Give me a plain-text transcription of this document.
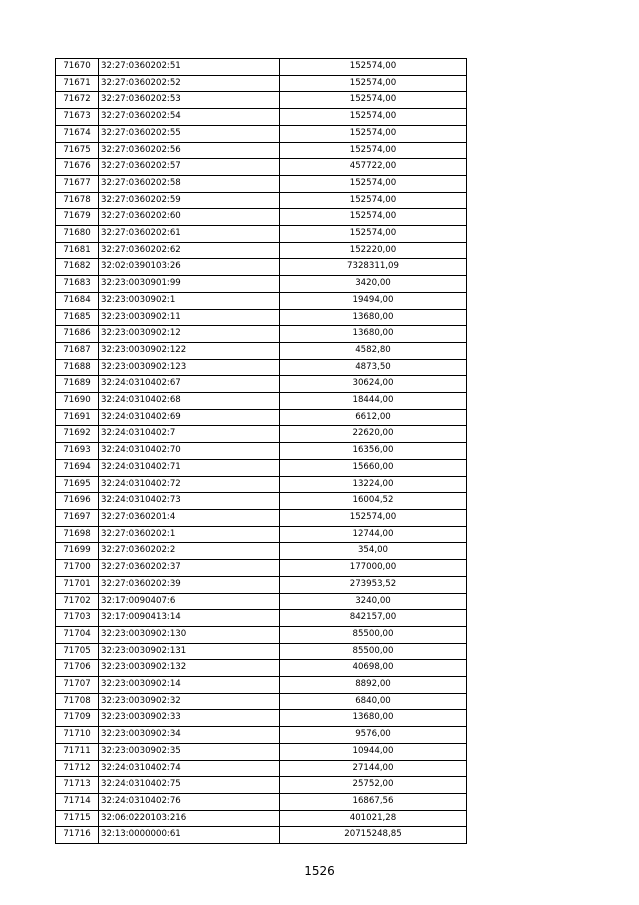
71670	32:27:0360202:51	152574,00
71671	32:27:0360202:52	152574,00
71672	32:27:0360202:53	152574,00
71673	32:27:0360202:54	152574,00
71674	32:27:0360202:55	152574,00
71675	32:27:0360202:56	152574,00
71676	32:27:0360202:57	457722,00
71677	32:27:0360202:58	152574,00
71678	32:27:0360202:59	152574,00
71679	32:27:0360202:60	152574,00
71680	32:27:0360202:61	152574,00
71681	32:27:0360202:62	152220,00
71682	32:02:0390103:26	7328311,09
71683	32:23:0030901:99	3420,00
71684	32:23:0030902:1	19494,00
71685	32:23:0030902:11	13680,00
71686	32:23:0030902:12	13680,00
71687	32:23:0030902:122	4582,80
71688	32:23:0030902:123	4873,50
71689	32:24:0310402:67	30624,00
71690	32:24:0310402:68	18444,00
71691	32:24:0310402:69	6612,00
71692	32:24:0310402:7	22620,00
71693	32:24:0310402:70	16356,00
71694	32:24:0310402:71	15660,00
71695	32:24:0310402:72	13224,00
71696	32:24:0310402:73	16004,52
71697	32:27:0360201:4	152574,00
71698	32:27:0360202:1	12744,00
71699	32:27:0360202:2	354,00
71700	32:27:0360202:37	177000,00
71701	32:27:0360202:39	273953,52
71702	32:17:0090407:6	3240,00
71703	32:17:0090413:14	842157,00
71704	32:23:0030902:130	85500,00
71705	32:23:0030902:131	85500,00
71706	32:23:0030902:132	40698,00
71707	32:23:0030902:14	8892,00
71708	32:23:0030902:32	6840,00
71709	32:23:0030902:33	13680,00
71710	32:23:0030902:34	9576,00
71711	32:23:0030902:35	10944,00
71712	32:24:0310402:74	27144,00
71713	32:24:0310402:75	25752,00
71714	32:24:0310402:76	16867,56
71715	32:06:0220103:216	401021,28
71716	32:13:0000000:61	20715248,85
1526
